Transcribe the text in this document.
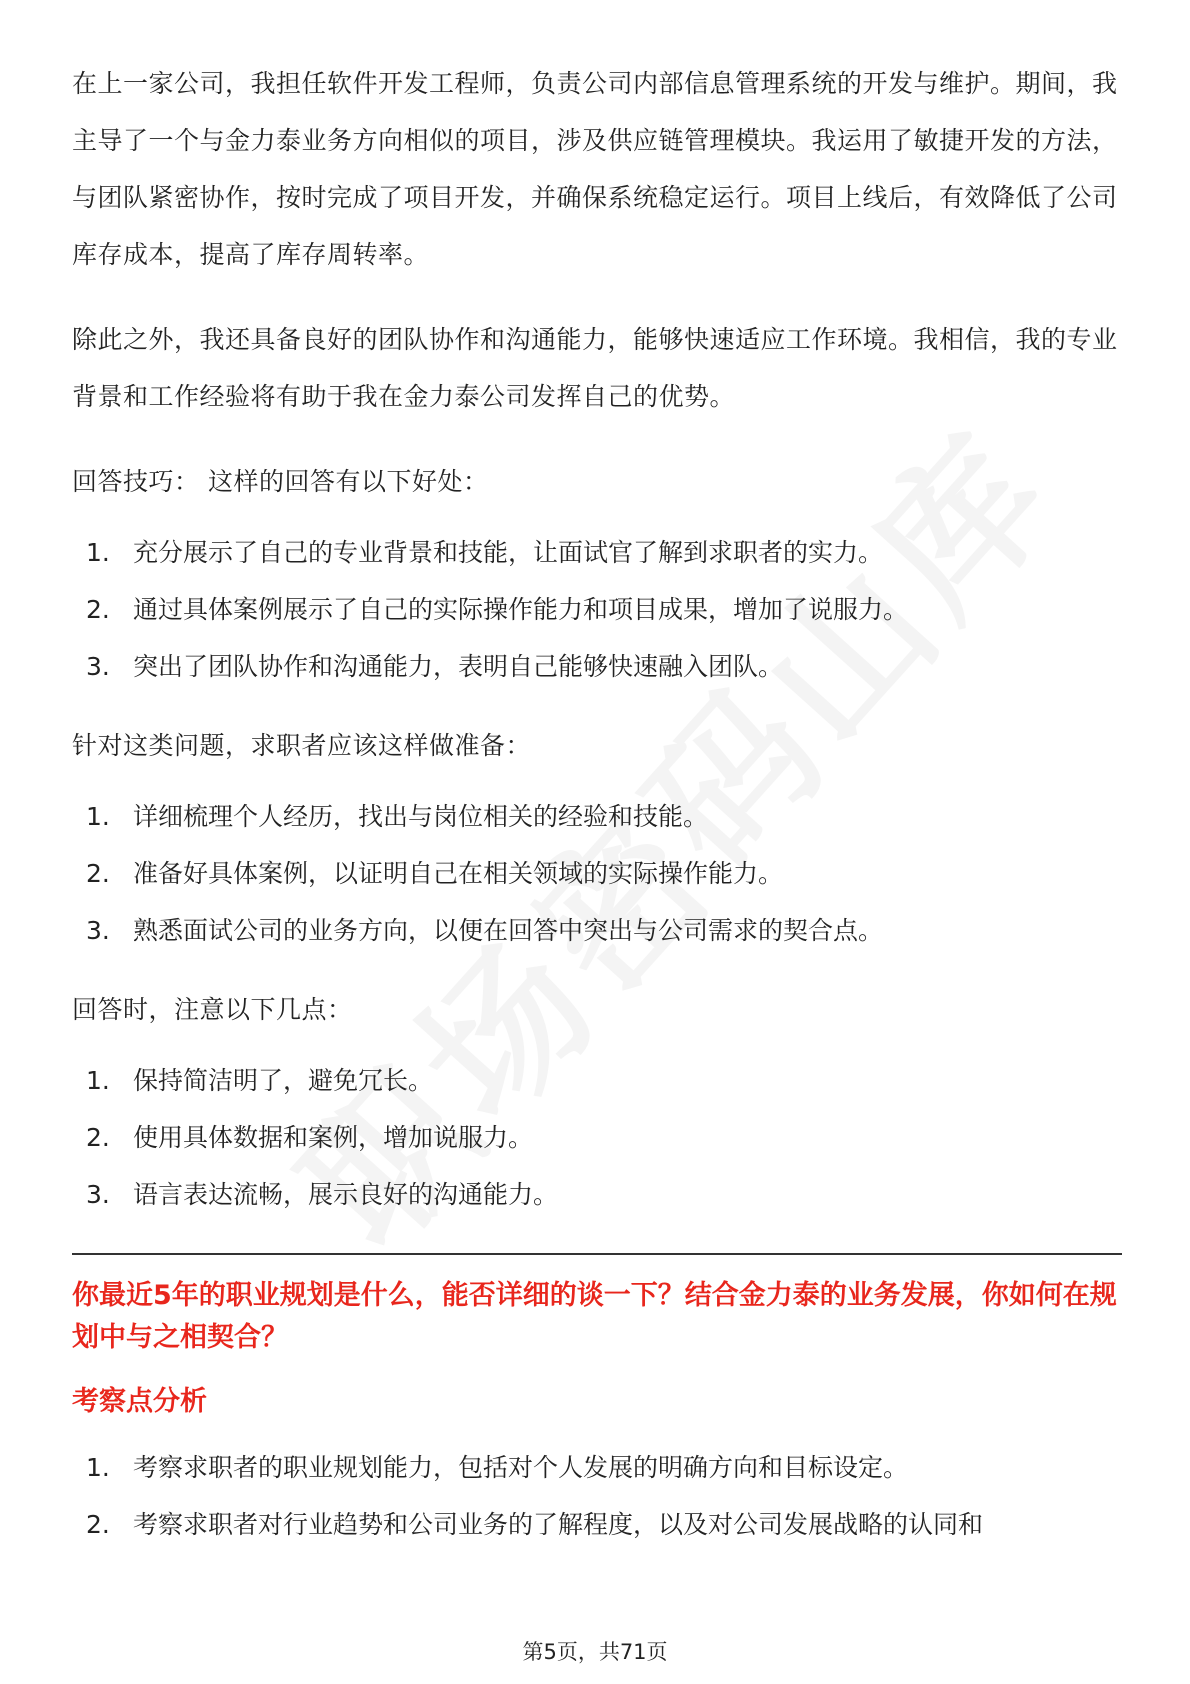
在上一家公司，我担任软件开发工程师，负责公司内部信息管理系统的开发与维护。期间，我主导了一个与金力泰业务方向相似的项目，涉及供应链管理模块。我运用了敏捷开发的方法，与团队紧密协作，按时完成了项目开发，并确保系统稳定运行。项目上线后，有效降低了公司库存成本，提高了库存周转率。

除此之外，我还具备良好的团队协作和沟通能力，能够快速适应工作环境。我相信，我的专业背景和工作经验将有助于我在金力泰公司发挥自己的优势。

回答技巧： 这样的回答有以下好处：

1. 充分展示了自己的专业背景和技能，让面试官了解到求职者的实力。
2. 通过具体案例展示了自己的实际操作能力和项目成果，增加了说服力。
3. 突出了团队协作和沟通能力，表明自己能够快速融入团队。

针对这类问题，求职者应该这样做准备：

1. 详细梳理个人经历，找出与岗位相关的经验和技能。
2. 准备好具体案例，以证明自己在相关领域的实际操作能力。
3. 熟悉面试公司的业务方向，以便在回答中突出与公司需求的契合点。

回答时，注意以下几点：

1. 保持简洁明了，避免冗长。
2. 使用具体数据和案例，增加说服力。
3. 语言表达流畅，展示良好的沟通能力。
你最近5年的职业规划是什么，能否详细的谈一下？结合金力泰的业务发展，你如何在规划中与之相契合？
考察点分析
1. 考察求职者的职业规划能力，包括对个人发展的明确方向和目标设定。
2. 考察求职者对行业趋势和公司业务的了解程度，以及对公司发展战略的认同和
第5页，共71页
